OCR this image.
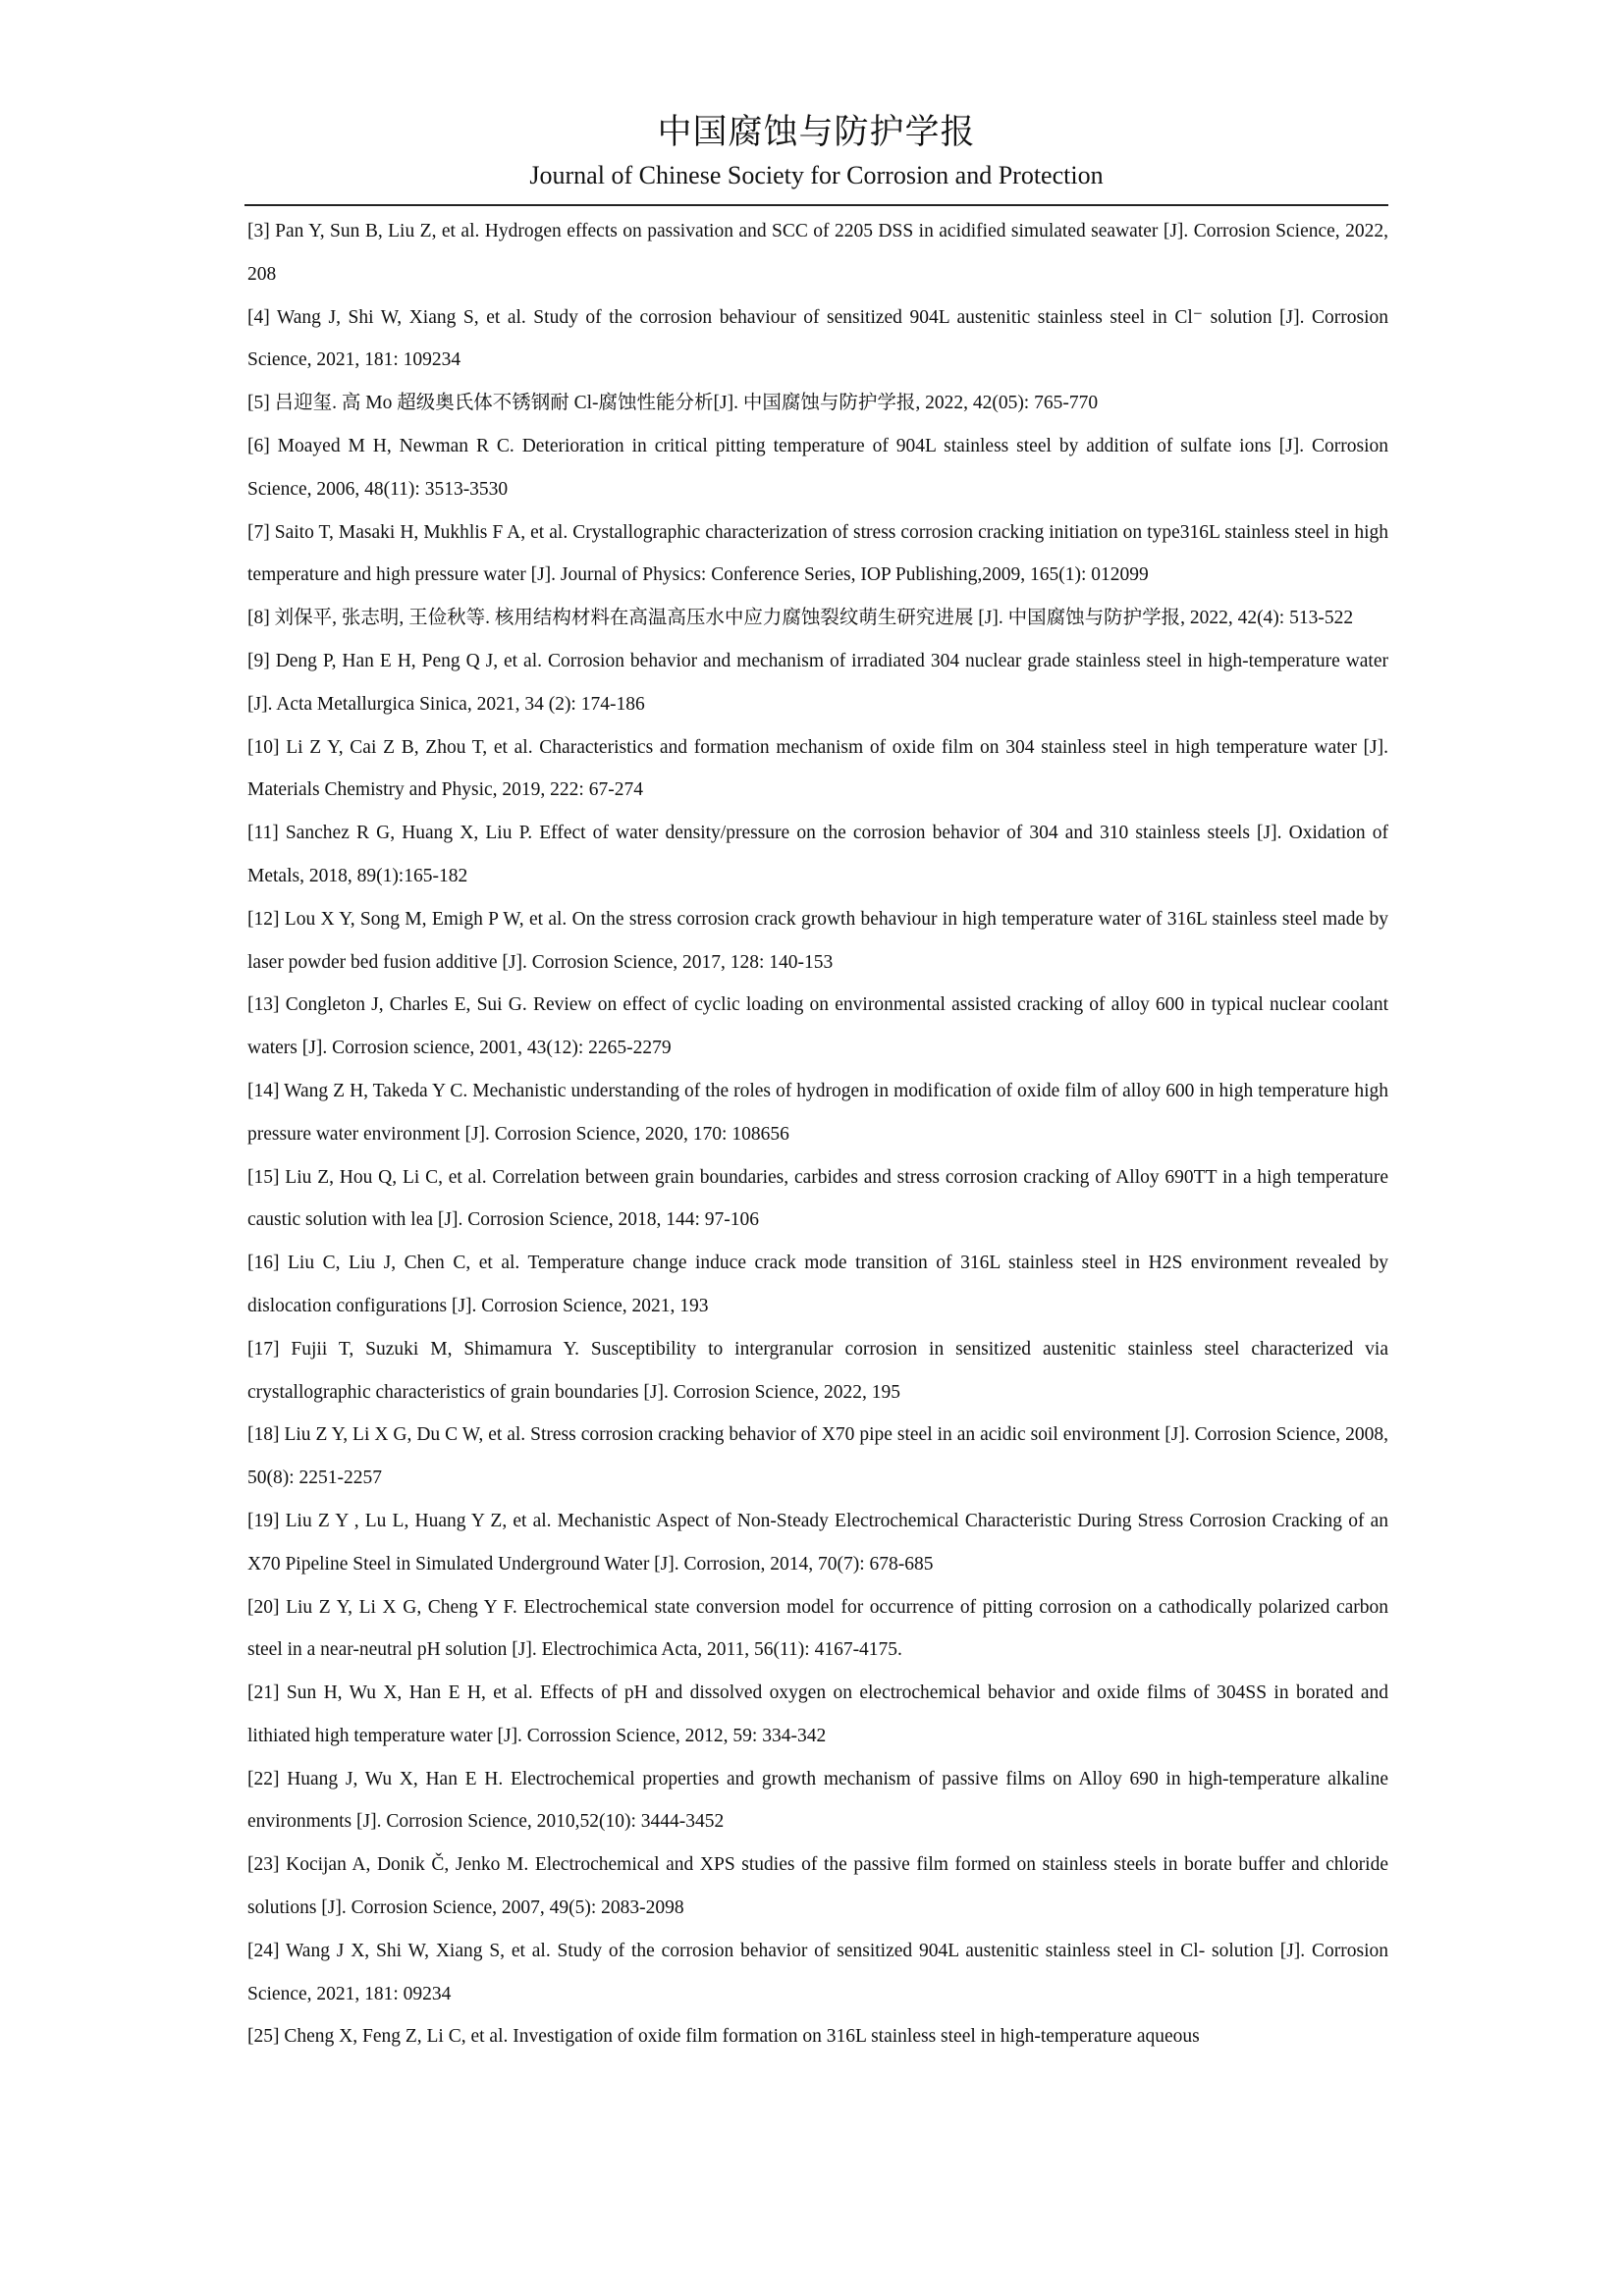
中国腐蚀与防护学报
Journal of Chinese Society for Corrosion and Protection
[3] Pan Y, Sun B, Liu Z, et al. Hydrogen effects on passivation and SCC of 2205 DSS in acidified simulated seawater [J]. Corrosion Science, 2022, 208
[4] Wang J, Shi W, Xiang S, et al. Study of the corrosion behaviour of sensitized 904L austenitic stainless steel in Cl⁻ solution [J]. Corrosion Science, 2021, 181: 109234
[5] 吕迎玺. 高 Mo 超级奥氏体不锈钢耐 Cl-腐蚀性能分析[J]. 中国腐蚀与防护学报, 2022, 42(05): 765-770
[6] Moayed M H, Newman R C. Deterioration in critical pitting temperature of 904L stainless steel by addition of sulfate ions [J]. Corrosion Science, 2006, 48(11): 3513-3530
[7] Saito T, Masaki H, Mukhlis F A, et al. Crystallographic characterization of stress corrosion cracking initiation on type316L stainless steel in high temperature and high pressure water [J]. Journal of Physics: Conference Series, IOP Publishing,2009, 165(1): 012099
[8] 刘保平, 张志明, 王俭秋等. 核用结构材料在高温高压水中应力腐蚀裂纹萌生研究进展 [J]. 中国腐蚀与防护学报, 2022, 42(4): 513-522
[9] Deng P, Han E H, Peng Q J, et al. Corrosion behavior and mechanism of irradiated 304 nuclear grade stainless steel in high-temperature water [J]. Acta Metallurgica Sinica, 2021, 34 (2): 174-186
[10] Li Z Y, Cai Z B, Zhou T, et al. Characteristics and formation mechanism of oxide film on 304 stainless steel in high temperature water [J]. Materials Chemistry and Physic, 2019, 222: 67-274
[11] Sanchez R G, Huang X, Liu P. Effect of water density/pressure on the corrosion behavior of 304 and 310 stainless steels [J]. Oxidation of Metals, 2018, 89(1):165-182
[12] Lou X Y, Song M, Emigh P W, et al. On the stress corrosion crack growth behaviour in high temperature water of 316L stainless steel made by laser powder bed fusion additive [J]. Corrosion Science, 2017, 128: 140-153
[13] Congleton J, Charles E, Sui G. Review on effect of cyclic loading on environmental assisted cracking of alloy 600 in typical nuclear coolant waters [J]. Corrosion science, 2001, 43(12): 2265-2279
[14] Wang Z H, Takeda Y C. Mechanistic understanding of the roles of hydrogen in modification of oxide film of alloy 600 in high temperature high pressure water environment [J]. Corrosion Science, 2020, 170: 108656
[15] Liu Z, Hou Q, Li C, et al. Correlation between grain boundaries, carbides and stress corrosion cracking of Alloy 690TT in a high temperature caustic solution with lea [J]. Corrosion Science, 2018, 144: 97-106
[16] Liu C, Liu J, Chen C, et al. Temperature change induce crack mode transition of 316L stainless steel in H2S environment revealed by dislocation configurations [J]. Corrosion Science, 2021, 193
[17] Fujii T, Suzuki M, Shimamura Y. Susceptibility to intergranular corrosion in sensitized austenitic stainless steel characterized via crystallographic characteristics of grain boundaries [J]. Corrosion Science, 2022, 195
[18] Liu Z Y, Li X G, Du C W, et al. Stress corrosion cracking behavior of X70 pipe steel in an acidic soil environment [J]. Corrosion Science, 2008, 50(8): 2251-2257
[19] Liu Z Y , Lu L, Huang Y Z, et al. Mechanistic Aspect of Non-Steady Electrochemical Characteristic During Stress Corrosion Cracking of an X70 Pipeline Steel in Simulated Underground Water [J]. Corrosion, 2014, 70(7): 678-685
[20] Liu Z Y, Li X G, Cheng Y F. Electrochemical state conversion model for occurrence of pitting corrosion on a cathodically polarized carbon steel in a near-neutral pH solution [J]. Electrochimica Acta, 2011, 56(11): 4167-4175.
[21] Sun H, Wu X, Han E H, et al. Effects of pH and dissolved oxygen on electrochemical behavior and oxide films of 304SS in borated and lithiated high temperature water [J]. Corrossion Science, 2012, 59: 334-342
[22] Huang J, Wu X, Han E H. Electrochemical properties and growth mechanism of passive films on Alloy 690 in high-temperature alkaline environments [J]. Corrosion Science, 2010,52(10): 3444-3452
[23] Kocijan A, Donik Č, Jenko M. Electrochemical and XPS studies of the passive film formed on stainless steels in borate buffer and chloride solutions [J]. Corrosion Science, 2007, 49(5): 2083-2098
[24] Wang J X, Shi W, Xiang S, et al. Study of the corrosion behavior of sensitized 904L austenitic stainless steel in Cl- solution [J]. Corrosion Science, 2021, 181: 09234
[25] Cheng X, Feng Z, Li C, et al. Investigation of oxide film formation on 316L stainless steel in high-temperature aqueous
